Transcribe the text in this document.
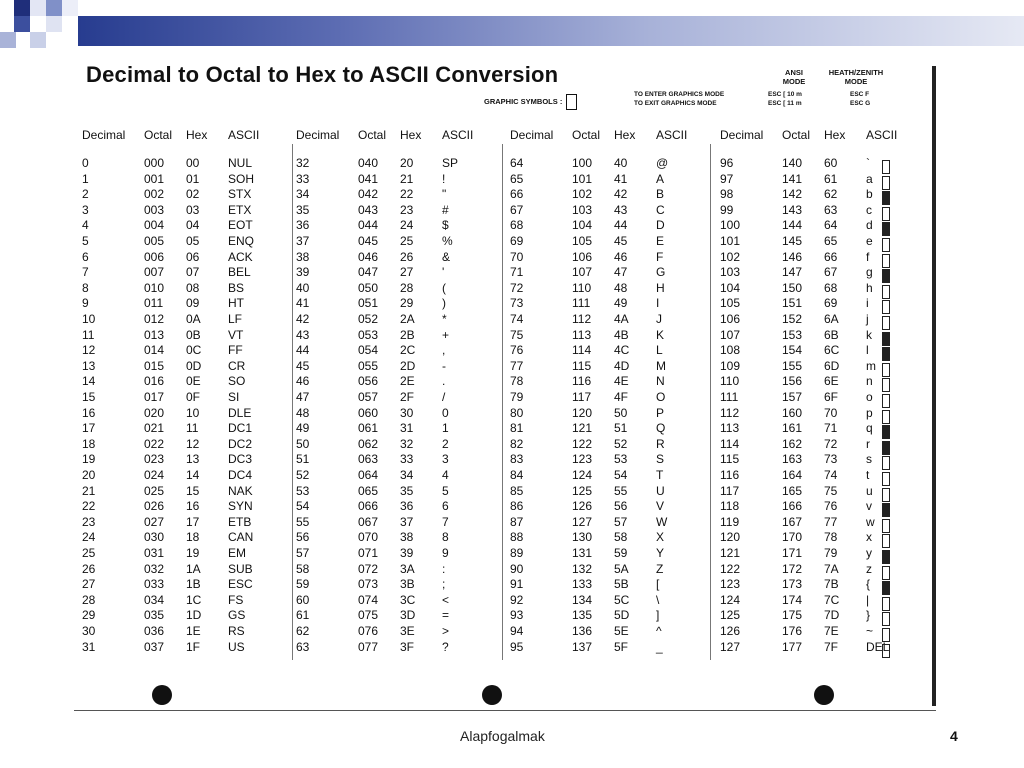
Decimal to Octal to Hex to ASCII Conversion
GRAPHIC SYMBOLS :
TO ENTER GRAPHICS MODE
TO EXIT GRAPHICS MODE
ANSI
MODE
HEATH/ZENITH
MODE
ESC [ 10 m
ESC [ 11 m
ESC F
ESC G
Decimal Octal Hex ASCII
0	000 00 NUL
1	001 01 SOH
2	002 02 STX
3	003 03 ETX
4	004 04 EOT
5	005 05 ENQ
6	006 06 ACK
7	007 07 BEL
8	010 08 BS
9	011 09 HT
10	012 0A LF
11	013 0B VT
12	014 0C FF
13	015 0D CR
14	016 0E SO
15	017 0F SI
16	020 10 DLE
17	021 11 DC1
18	022 12 DC2
19	023 13 DC3
20	024 14 DC4
21	025 15 NAK
22	026 16 SYN
23	027 17 ETB
24	030 18 CAN
25	031 19 EM
26	032 1A SUB
27	033 1B ESC
28	034 1C FS
29	035 1D GS
30	036 1E RS
31	037 1F US
Decimal Octal Hex ASCII
32	040 20 SP
33	041 21 !
34	042 22 "
35	043 23 #
36	044 24 $
37	045 25 %
38	046 26 &
39	047 27 '
40	050 28 (
41	051 29 )
42	052 2A *
43	053 2B +
44	054 2C ,
45	055 2D -
46	056 2E .
47	057 2F /
48	060 30 0
49	061 31 1
50	062 32 2
51	063 33 3
52	064 34 4
53	065 35 5
54	066 36 6
55	067 37 7
56	070 38 8
57	071 39 9
58	072 3A :
59	073 3B ;
60	074 3C <
61	075 3D =
62	076 3E >
63	077 3F ?
Decimal Octal Hex ASCII
64	100 40 @
65	101 41 A
66	102 42 B
67	103 43 C
68	104 44 D
69	105 45 E
70	106 46 F
71	107 47 G
72	110 48 H
73	111 49 I
74	112 4A J
75	113 4B K
76	114 4C L
77	115 4D M
78	116 4E N
79	117 4F O
80	120 50 P
81	121 51 Q
82	122 52 R
83	123 53 S
84	124 54 T
85	125 55 U
86	126 56 V
87	127 57 W
88	130 58 X
89	131 59 Y
90	132 5A Z
91	133 5B [
92	134 5C \
93	135 5D ]
94	136 5E ^
95	137 5F _
Decimal Octal Hex ASCII
96	140 60 `
97	141 61 a
98	142 62 b
99	143 63 c
100	144 64 d
101	145 65 e
102	146 66 f
103	147 67 g
104	150 68 h
105	151 69 i
106	152 6A j
107	153 6B k
108	154 6C l
109	155 6D m
110	156 6E n
111	157 6F o
112	160 70 p
113	161 71 q
114	162 72 r
115	163 73 s
116	164 74 t
117	165 75 u
118	166 76 v
119	167 77 w
120	170 78 x
121	171 79 y
122	172 7A z
123	173 7B {
124	174 7C |
125	175 7D }
126	176 7E ~
127	177 7F DEL
Alapfogalmak	4
